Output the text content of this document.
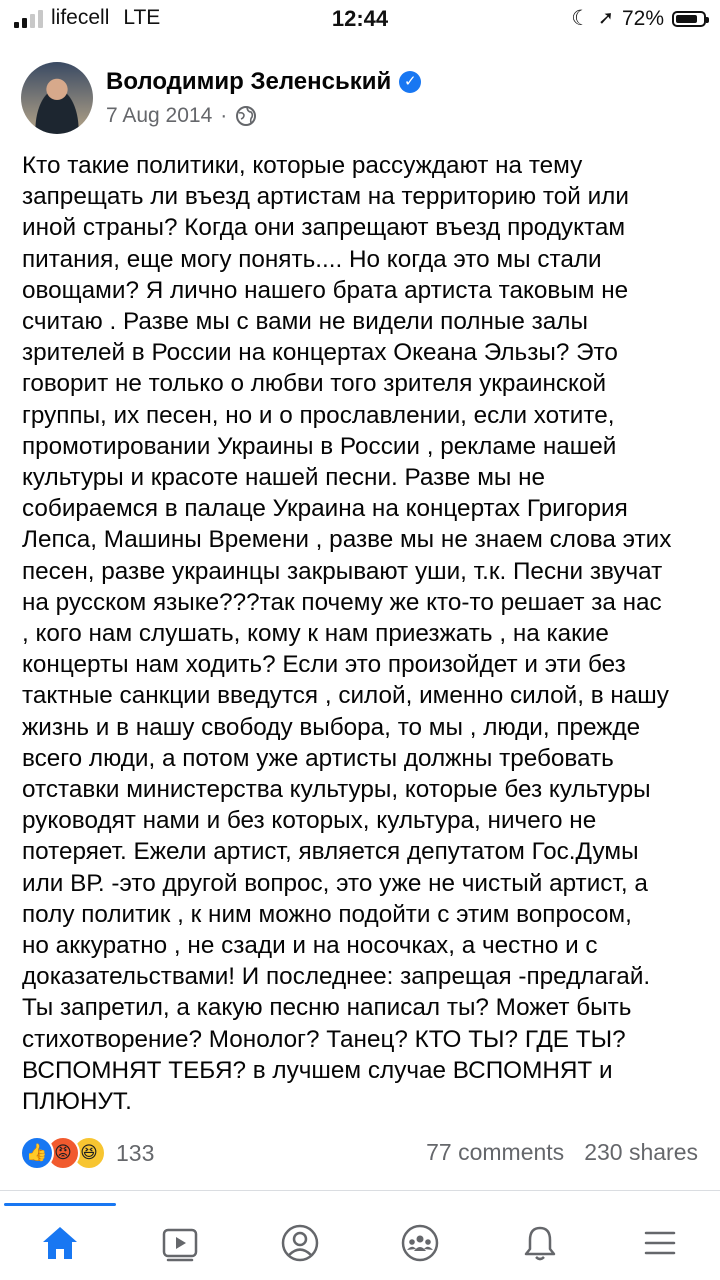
lifecell LTE	12:44	☾ ➚ 72%
Володимир Зеленський ✓
7 Aug 2014 ·

Кто такие политики, которые рассуждают на тему
запрещать ли въезд артистам на территорию той или
иной страны? Когда они запрещают въезд продуктам
питания, еще могу понять.... Но когда это мы стали
овощами? Я лично нашего брата артиста таковым не
считаю . Разве мы с вами не видели полные залы
зрителей в России на концертах Океана Эльзы? Это
говорит не только о любви того зрителя украинской
группы, их песен, но и о прославлении, если хотите,
промотировании Украины в России , рекламе нашей
культуры и красоте нашей песни. Разве мы не
собираемся в палаце Украина на концертах Григория
Лепса, Машины Времени , разве мы не знаем слова этих
песен, разве украинцы закрывают уши, т.к. Песни звучат
на русском языке???так почему же кто-то решает за нас
, кого нам слушать, кому к нам приезжать , на какие
концерты нам ходить? Если это произойдет и эти без
тактные санкции введутся , силой, именно силой, в нашу
жизнь и в нашу свободу выбора, то мы , люди, прежде
всего люди, а потом уже артисты должны требовать
отставки министерства культуры, которые без культуры
руководят нами и без которых, культура, ничего не
потеряет. Ежели артист, является депутатом Гос.Думы
или ВР. -это другой вопрос, это уже не чистый артист, а
полу политик , к ним можно подойти с этим вопросом,
но аккуратно , не сзади и на носочках, а честно и с
доказательствами! И последнее: запрещая -предлагай.
Ты запретил, а какую песню написал ты? Может быть
стихотворение? Монолог? Танец? КТО ТЫ? ГДЕ ТЫ?
ВСПОМНЯТ ТЕБЯ? в лучшем случае ВСПОМНЯТ и
ПЛЮНУТ.

👍 😡 😆 133	77 comments 230 shares
